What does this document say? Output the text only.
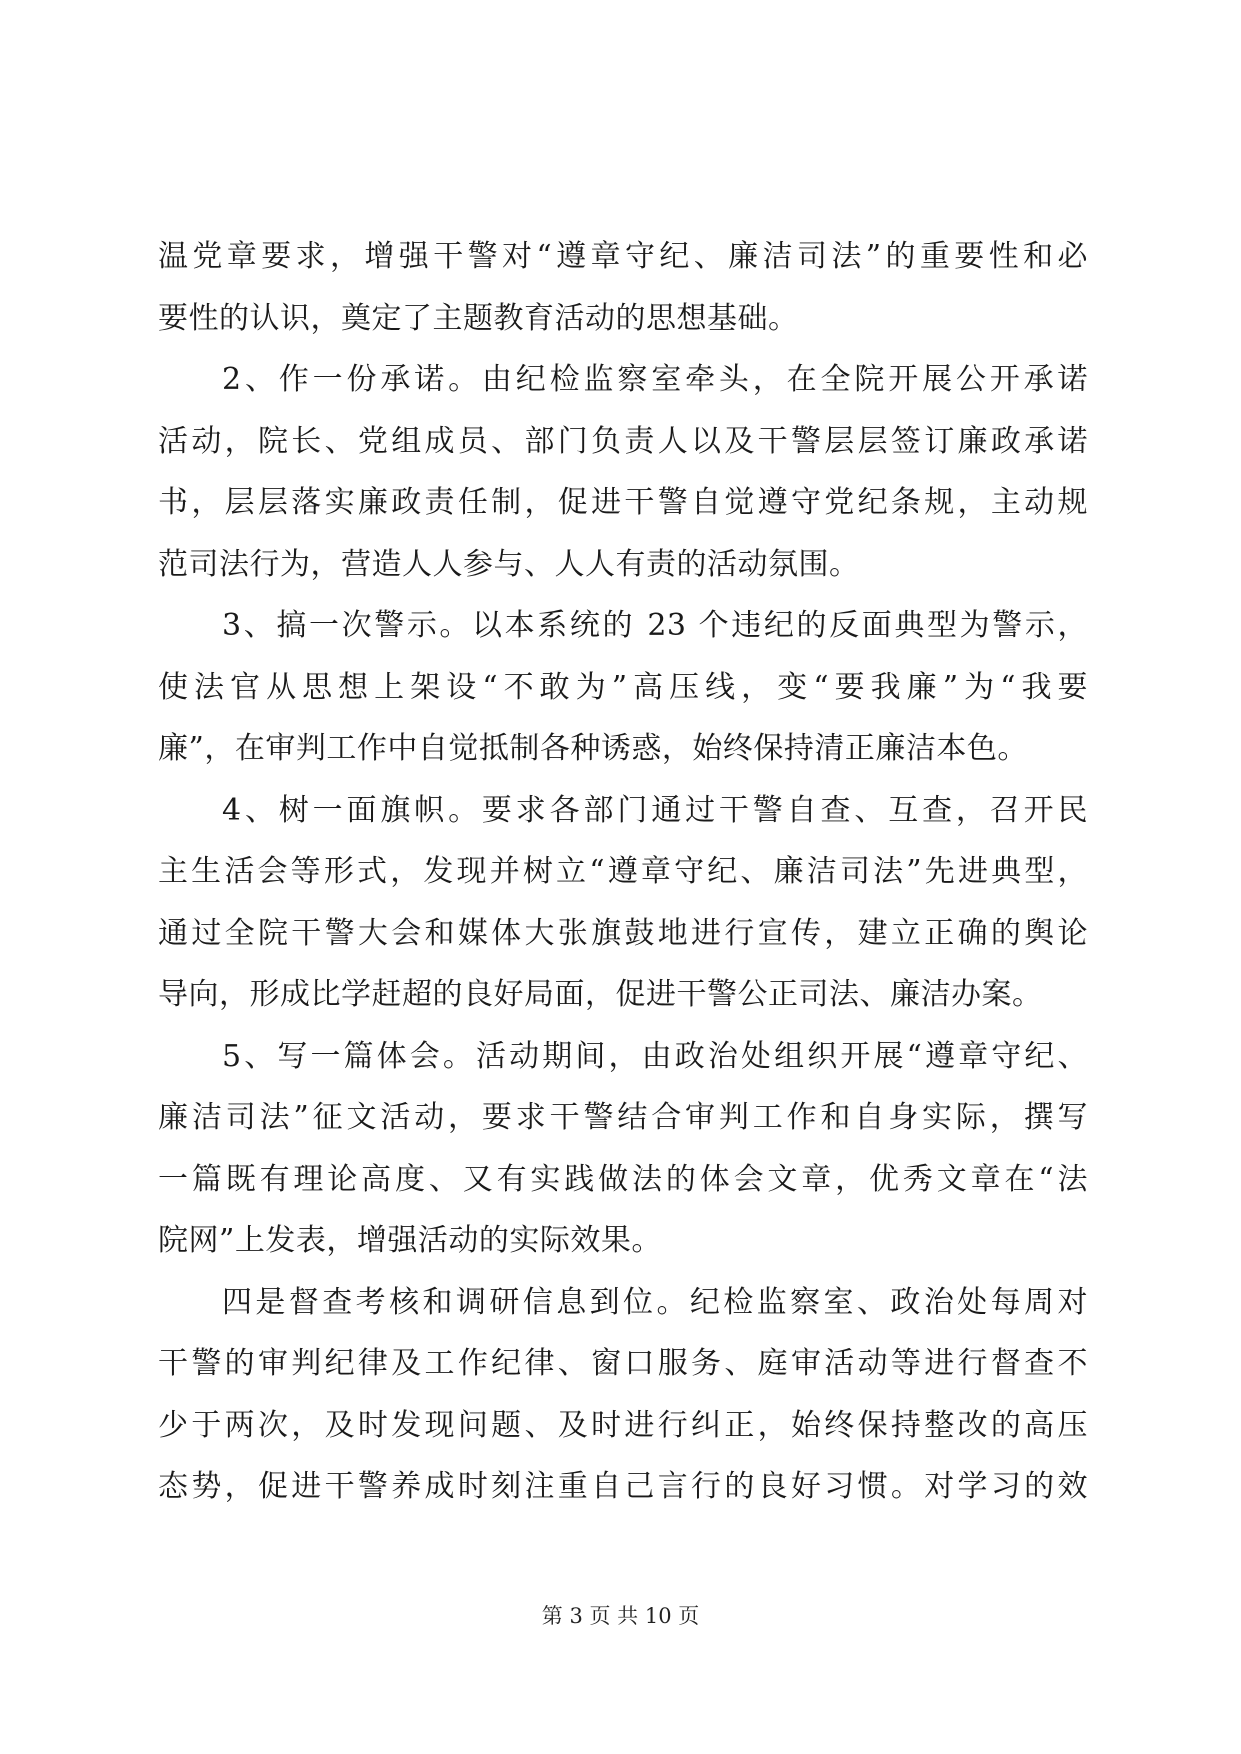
温党章要求，增强干警对“遵章守纪、廉洁司法”的重要性和必
要性的认识，奠定了主题教育活动的思想基础。
2、作一份承诺。由纪检监察室牵头，在全院开展公开承诺
活动，院长、党组成员、部门负责人以及干警层层签订廉政承诺
书，层层落实廉政责任制，促进干警自觉遵守党纪条规，主动规
范司法行为，营造人人参与、人人有责的活动氛围。
3、搞一次警示。以本系统的 23 个违纪的反面典型为警示，
使法官从思想上架设“不敢为”高压线，变“要我廉”为“我要
廉”，在审判工作中自觉抵制各种诱惑，始终保持清正廉洁本色。
4、树一面旗帜。要求各部门通过干警自查、互查，召开民
主生活会等形式，发现并树立“遵章守纪、廉洁司法”先进典型，
通过全院干警大会和媒体大张旗鼓地进行宣传，建立正确的舆论
导向，形成比学赶超的良好局面，促进干警公正司法、廉洁办案。
5、写一篇体会。活动期间，由政治处组织开展“遵章守纪、
廉洁司法”征文活动，要求干警结合审判工作和自身实际，撰写
一篇既有理论高度、又有实践做法的体会文章，优秀文章在“法
院网”上发表，增强活动的实际效果。
四是督查考核和调研信息到位。纪检监察室、政治处每周对
干警的审判纪律及工作纪律、窗口服务、庭审活动等进行督查不
少于两次，及时发现问题、及时进行纠正，始终保持整改的高压
态势，促进干警养成时刻注重自己言行的良好习惯。对学习的效
第 3 页 共 10 页
